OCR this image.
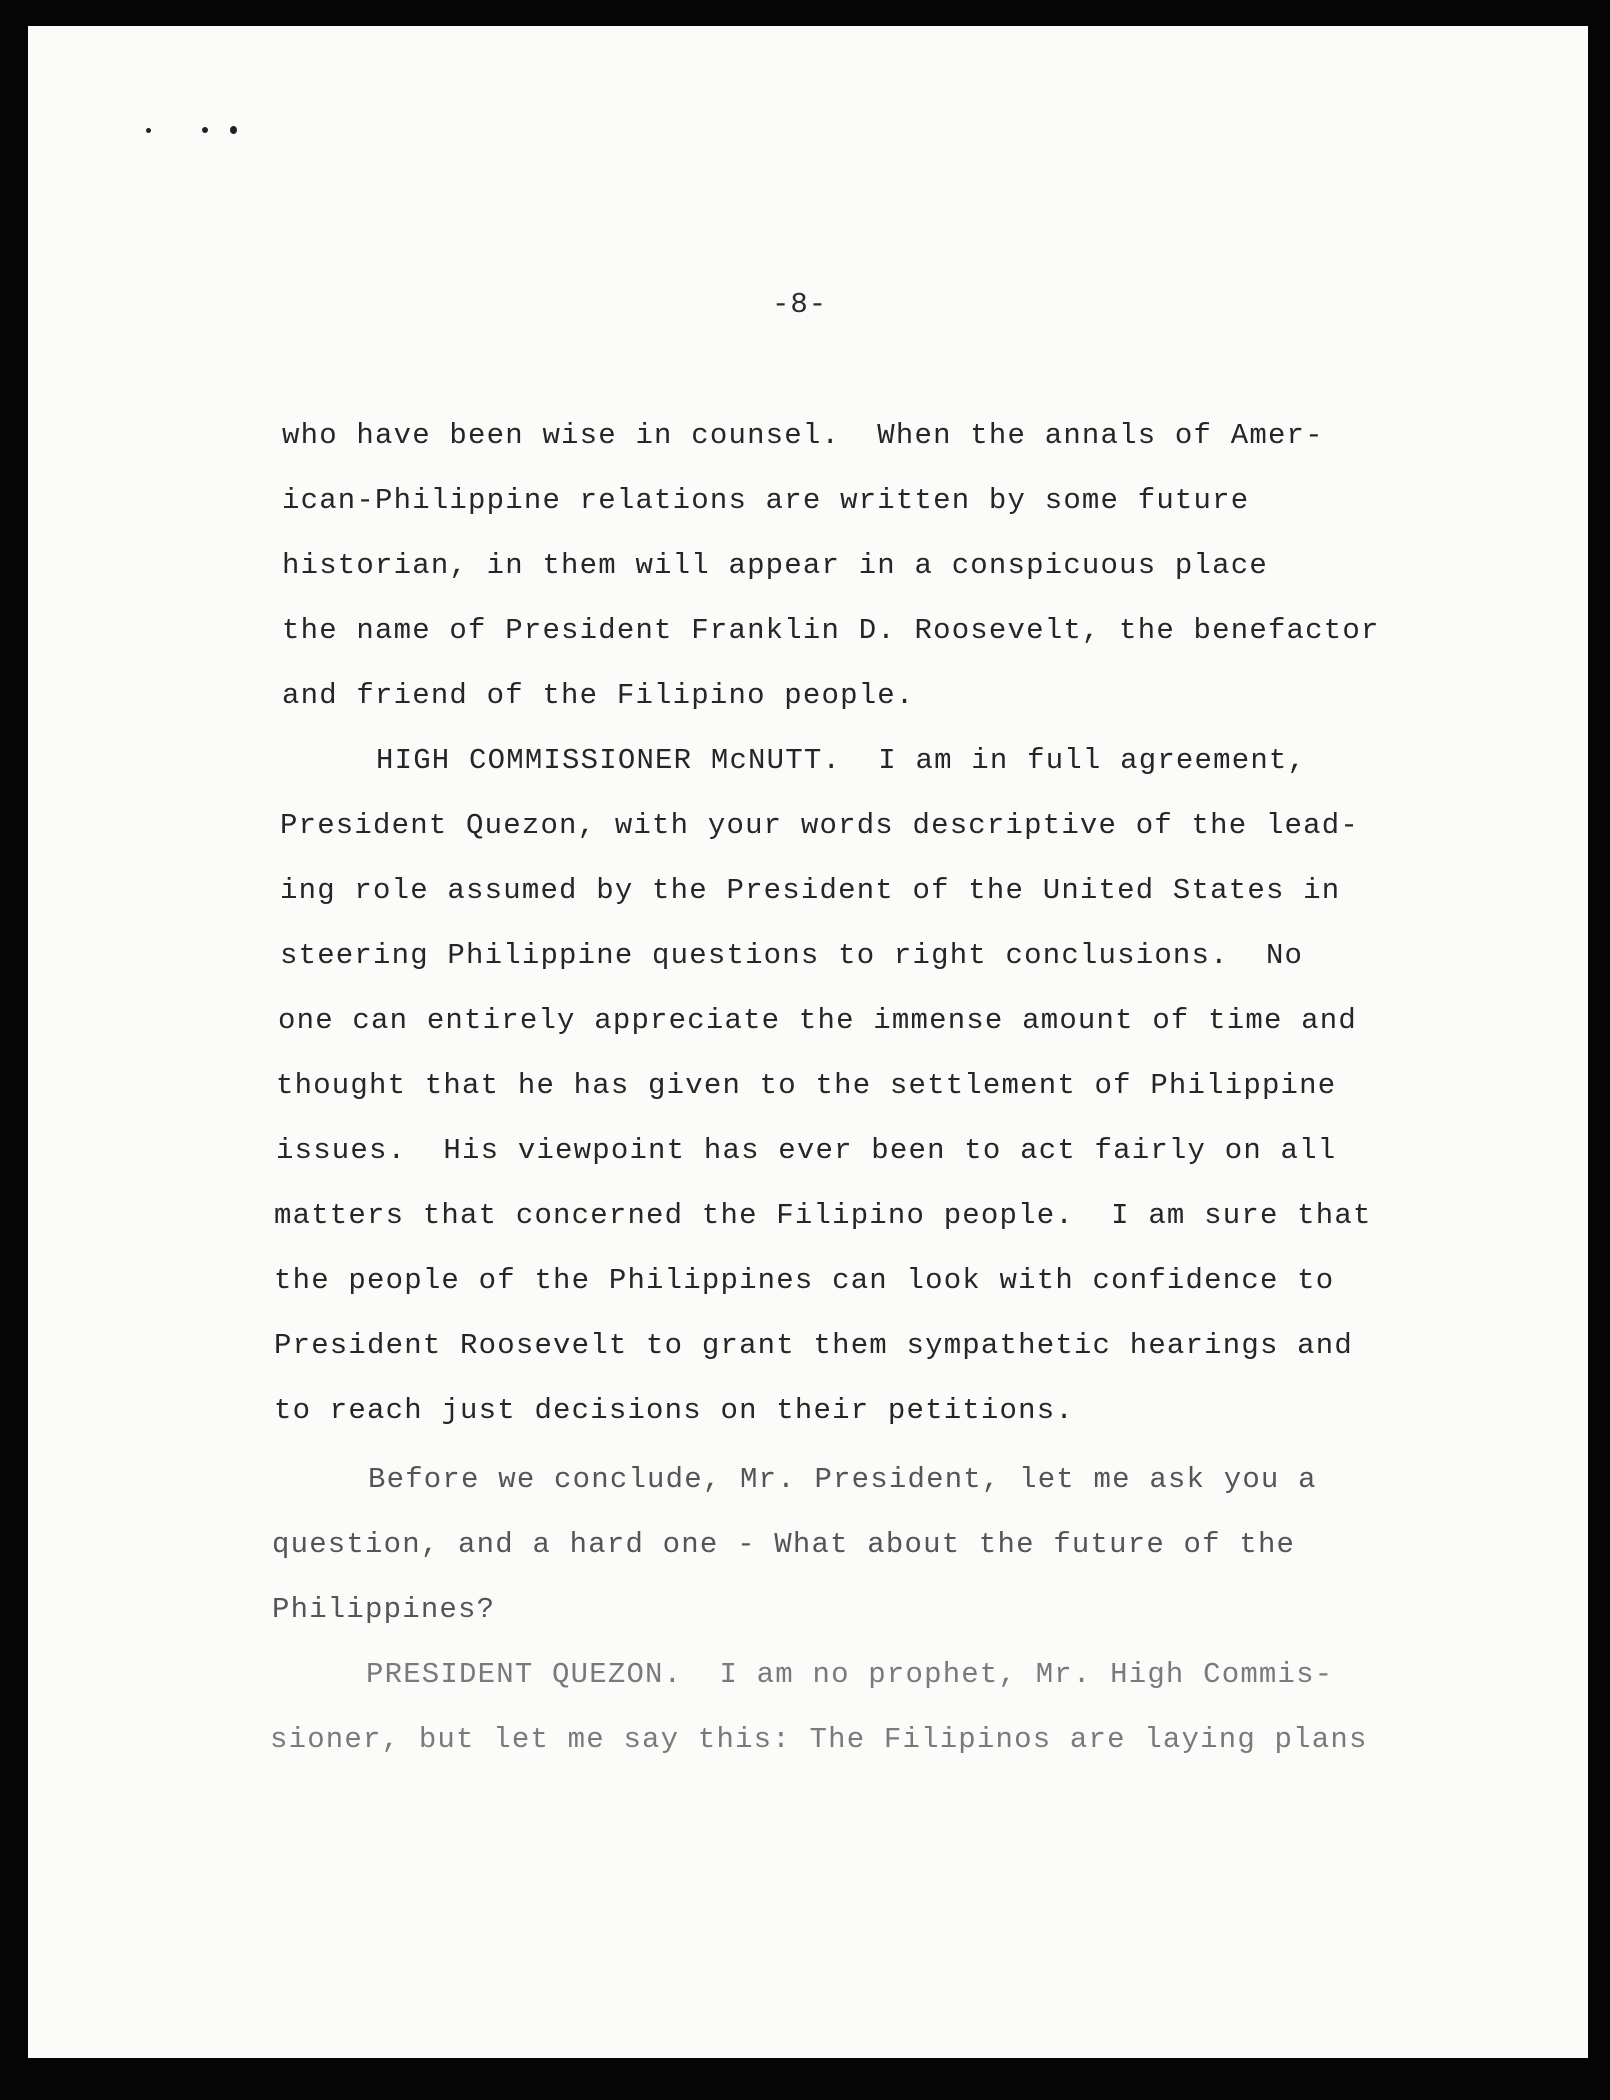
-8-
who have been wise in counsel.  When the annals of Amer-
ican-Philippine relations are written by some future
historian, in them will appear in a conspicuous place
the name of President Franklin D. Roosevelt, the benefactor
and friend of the Filipino people.
HIGH COMMISSIONER McNUTT.  I am in full agreement,
President Quezon, with your words descriptive of the lead-
ing role assumed by the President of the United States in
steering Philippine questions to right conclusions.  No
one can entirely appreciate the immense amount of time and
thought that he has given to the settlement of Philippine
issues.  His viewpoint has ever been to act fairly on all
matters that concerned the Filipino people.  I am sure that
the people of the Philippines can look with confidence to
President Roosevelt to grant them sympathetic hearings and
to reach just decisions on their petitions.
Before we conclude, Mr. President, let me ask you a
question, and a hard one - What about the future of the
Philippines?
PRESIDENT QUEZON.  I am no prophet, Mr. High Commis-
sioner, but let me say this: The Filipinos are laying plans
